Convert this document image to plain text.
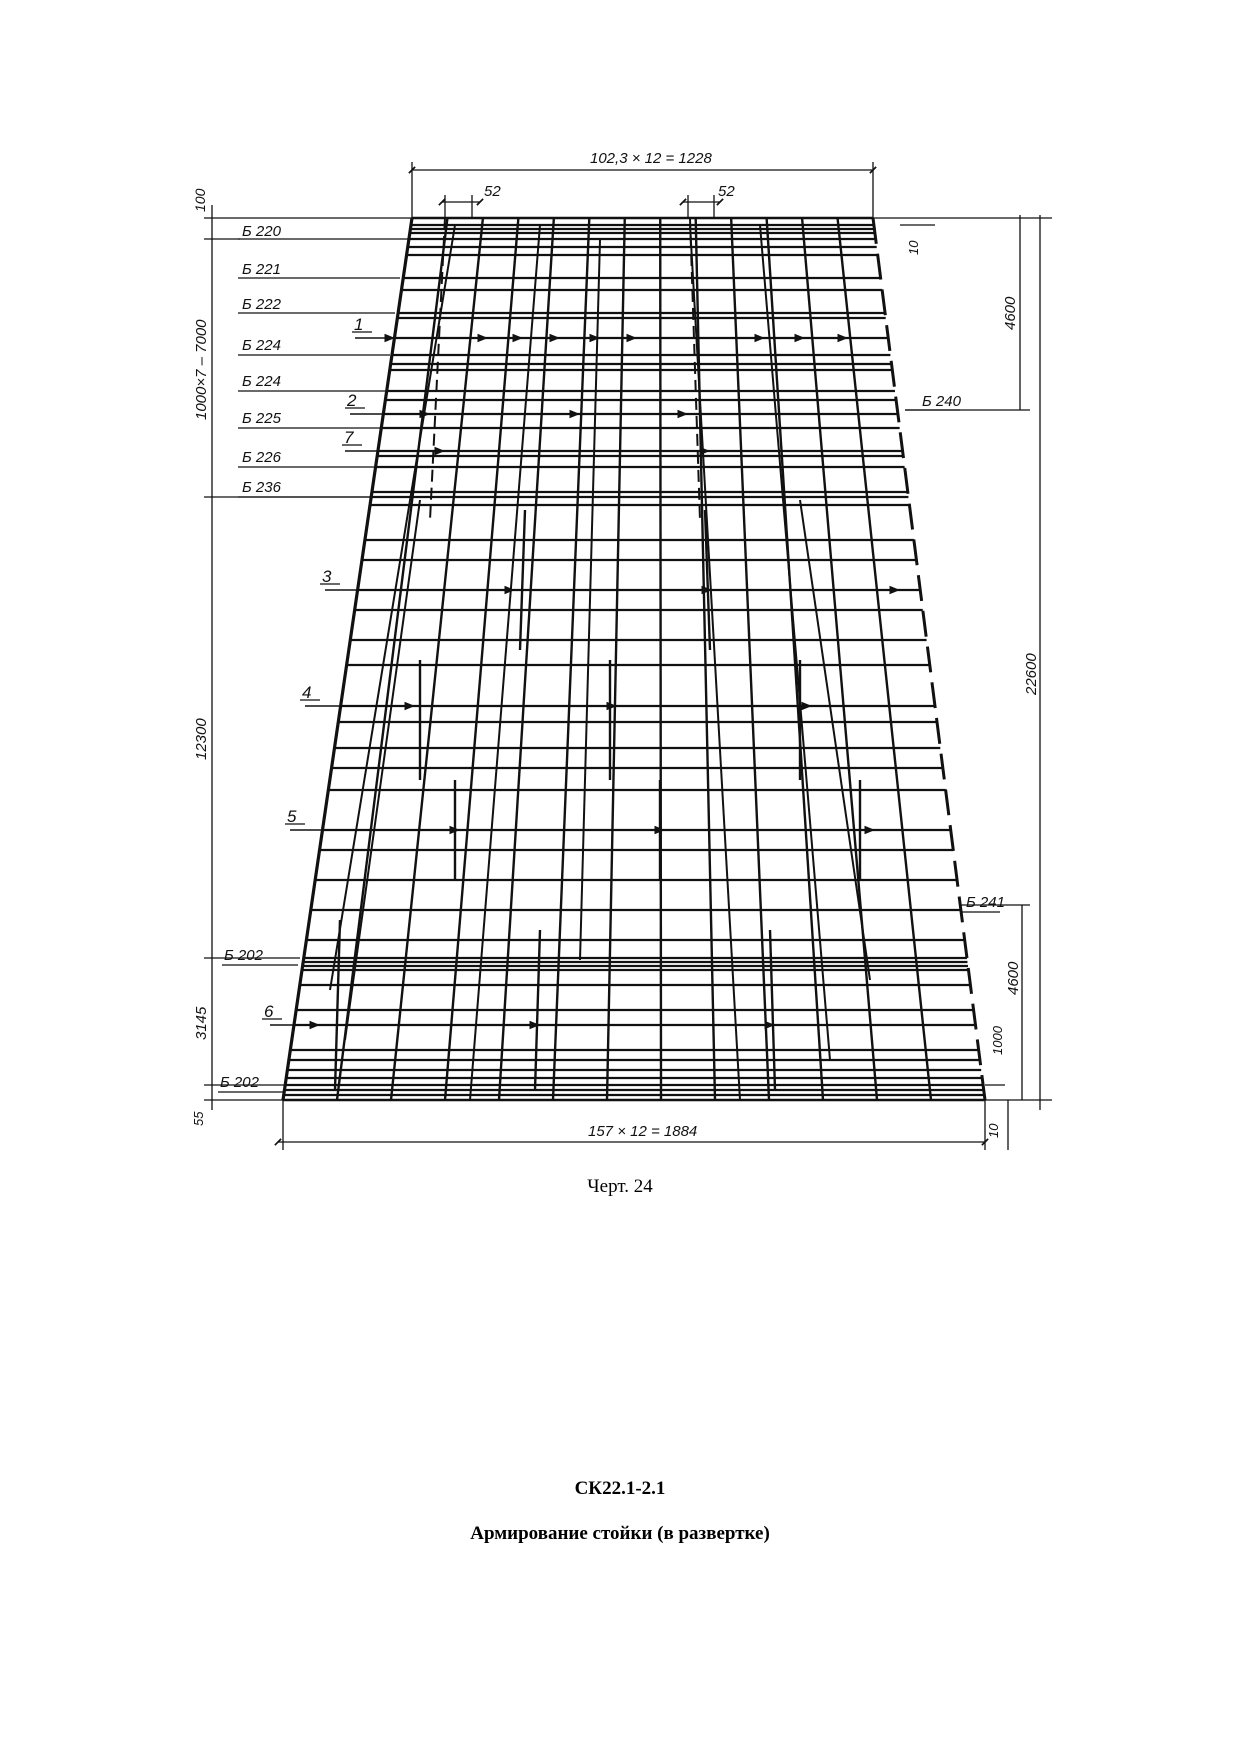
102,3 × 12 = 1228
52	52
157 × 12 = 1884
100
1000×7 – 7000
12300
3145
55
10
4600
22600
4600
1000
10
Б 220
Б 221
Б 222
Б 224
Б 224
Б 225
Б 226
Б 236
Б 202
Б 202
Б 240
Б 241
1
2
7
3
4
5
6
Черт. 24
СК22.1-2.1
Армирование стойки (в развертке)
